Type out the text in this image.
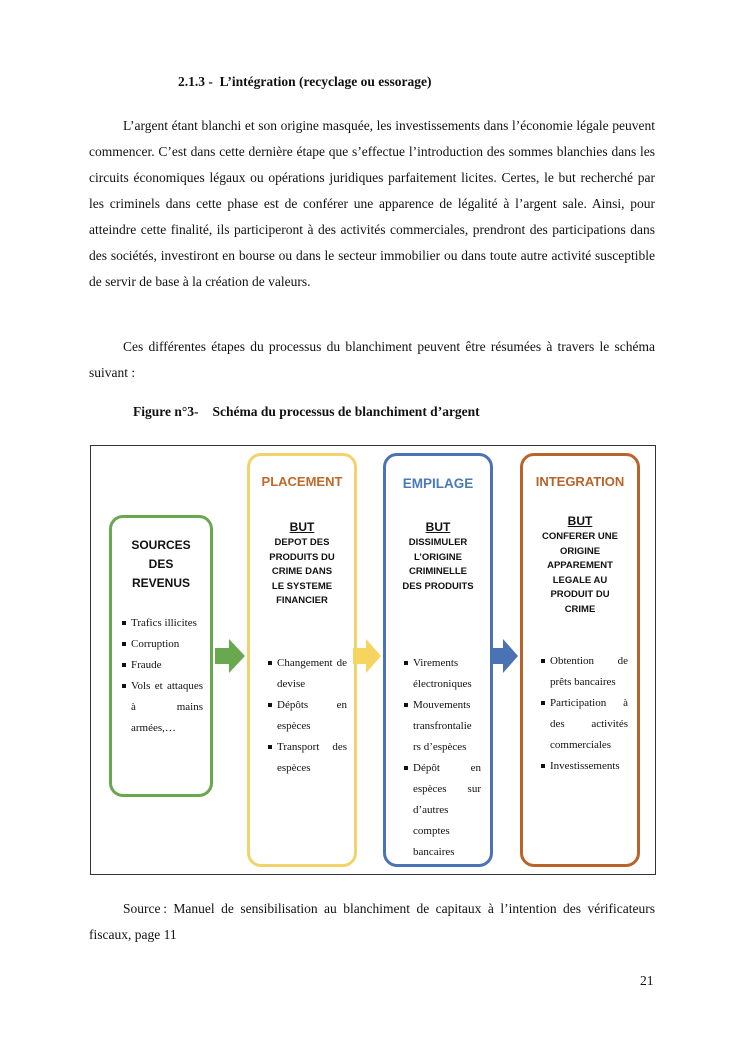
2.1.3 -  L’intégration (recyclage ou essorage)

L’argent étant blanchi et son origine masquée, les investissements dans l’économie légale peuvent commencer. C’est dans cette dernière étape que s’effectue l’introduction des sommes blanchies dans les circuits économiques légaux ou opérations juridiques parfaitement licites. Certes, le but recherché par les criminels dans cette phase est de conférer une apparence de légalité à l’argent sale. Ainsi, pour atteindre cette finalité, ils participeront à des activités commerciales, prendront des participations dans des sociétés, investiront en bourse ou dans le secteur immobilier ou dans toute autre activité susceptible de servir de base à la création de valeurs.

Ces différentes étapes du processus du blanchiment peuvent être résumées à travers le schéma suivant :

Figure n°3- Schéma du processus de blanchiment d’argent
SOURCES
DES
REVENUS
Trafics illicites
Corruption
Fraude
Vols et attaques à mains armées,…
PLACEMENT
BUT
DEPOT DES
PRODUITS DU
CRIME DANS
LE SYSTEME
FINANCIER
Changement de devise
Dépôts en espèces
Transport des espèces
EMPILAGE
BUT
DISSIMULER
L’ORIGINE
CRIMINELLE
DES PRODUITS
Virements électroniques
Mouvements transfrontalie rs d’espèces
Dépôt en espèces sur d’autres comptes bancaires
INTEGRATION
BUT
CONFERER UNE
ORIGINE
APPAREMENT
LEGALE AU
PRODUIT DU
CRIME
Obtention de prêts bancaires
Participation à des activités commerciales
Investissements

Source : Manuel de sensibilisation au blanchiment de capitaux à l’intention des vérificateurs fiscaux, page 11

21
